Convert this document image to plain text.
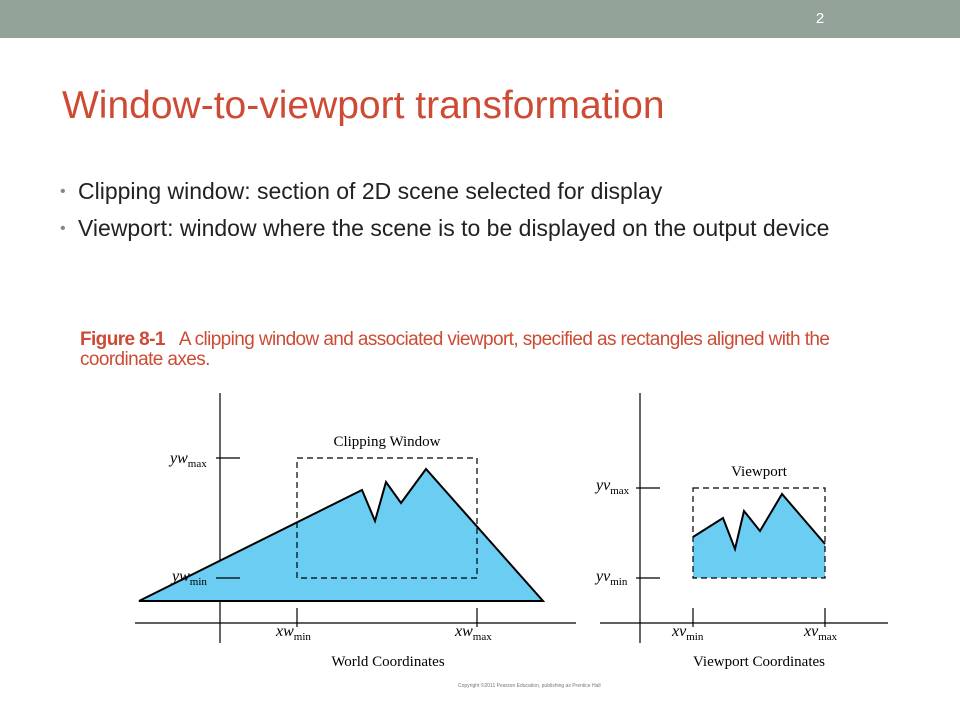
2
Window-to-viewport transformation
• Clipping window: section of 2D scene selected for display
• Viewport: window where the scene is to be displayed on the output device
Figure 8-1 A clipping window and associated viewport, specified as rectangles aligned with the coordinate axes.
Clipping Window
$yw_{max}$
$yw_{min}$
$xw_{min}$	$xw_{max}$
World Coordinates
Viewport
$yv_{max}$
$yv_{min}$
$xv_{min}$	$xv_{max}$
Viewport Coordinates
Copyright ©2011 Pearson Education, publishing as Prentice Hall
